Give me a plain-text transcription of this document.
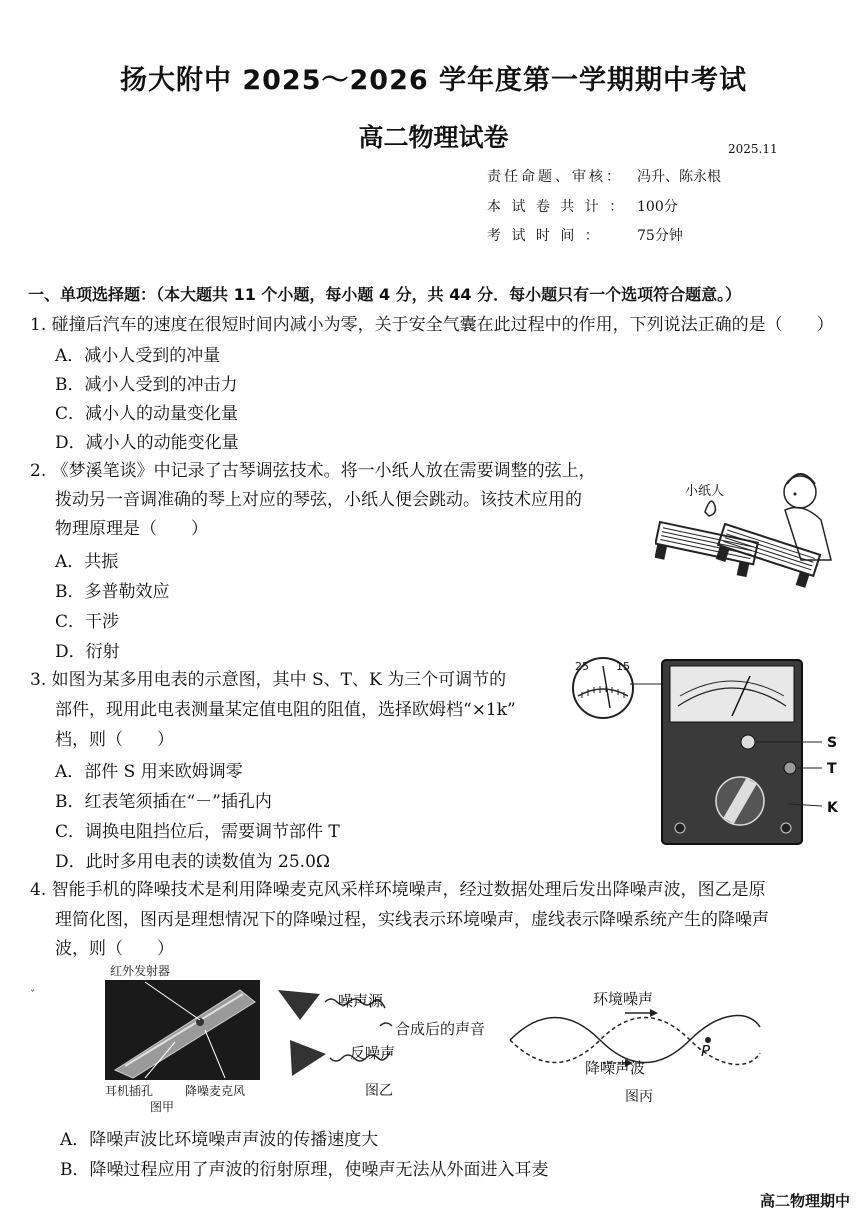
扬大附中 2025～2026 学年度第一学期期中考试
高二物理试卷	2025.11
责任命题、审核： 冯升、陈永根
本 试 卷 共 计 ： 100分
考 试 时 间 ：	75分钟
一、单项选择题：（本大题共 11 个小题，每小题 4 分，共 44 分．每小题只有一个选项符合题意。）
1. 碰撞后汽车的速度在很短时间内减小为零，关于安全气囊在此过程中的作用，下列说法正确的是（　　）
A．减小人受到的冲量
B．减小人受到的冲击力
C．减小人的动量变化量
D．减小人的动能变化量
2. 《梦溪笔谈》中记录了古琴调弦技术。将一小纸人放在需要调整的弦上，
拨动另一音调准确的琴上对应的琴弦，小纸人便会跳动。该技术应用的
物理原理是（　　）
A．共振
B．多普勒效应
C．干涉
D．衍射
小纸人
3. 如图为某多用电表的示意图，其中 S、T、K 为三个可调节的
部件，现用此电表测量某定值电阻的阻值，选择欧姆档“×1k”
档，则（　　）
A．部件 S 用来欧姆调零
B．红表笔须插在“－”插孔内
C．调换电阻挡位后，需要调节部件 T
D．此时多用电表的读数值为 25.0Ω
25 15
S
T
K
4. 智能手机的降噪技术是利用降噪麦克风采样环境噪声，经过数据处理后发出降噪声波，图乙是原
理简化图，图丙是理想情况下的降噪过程，实线表示环境噪声，虚线表示降噪系统产生的降噪声
波，则（　　）
红外发射器
耳机插孔	降噪麦克风
图甲
噪声源
合成后的声音
反噪声
图乙
环境噪声
P
降噪声波
图丙
ˇ
A．降噪声波比环境噪声声波的传播速度大
B．降噪过程应用了声波的衍射原理，使噪声无法从外面进入耳麦
高二物理期中
